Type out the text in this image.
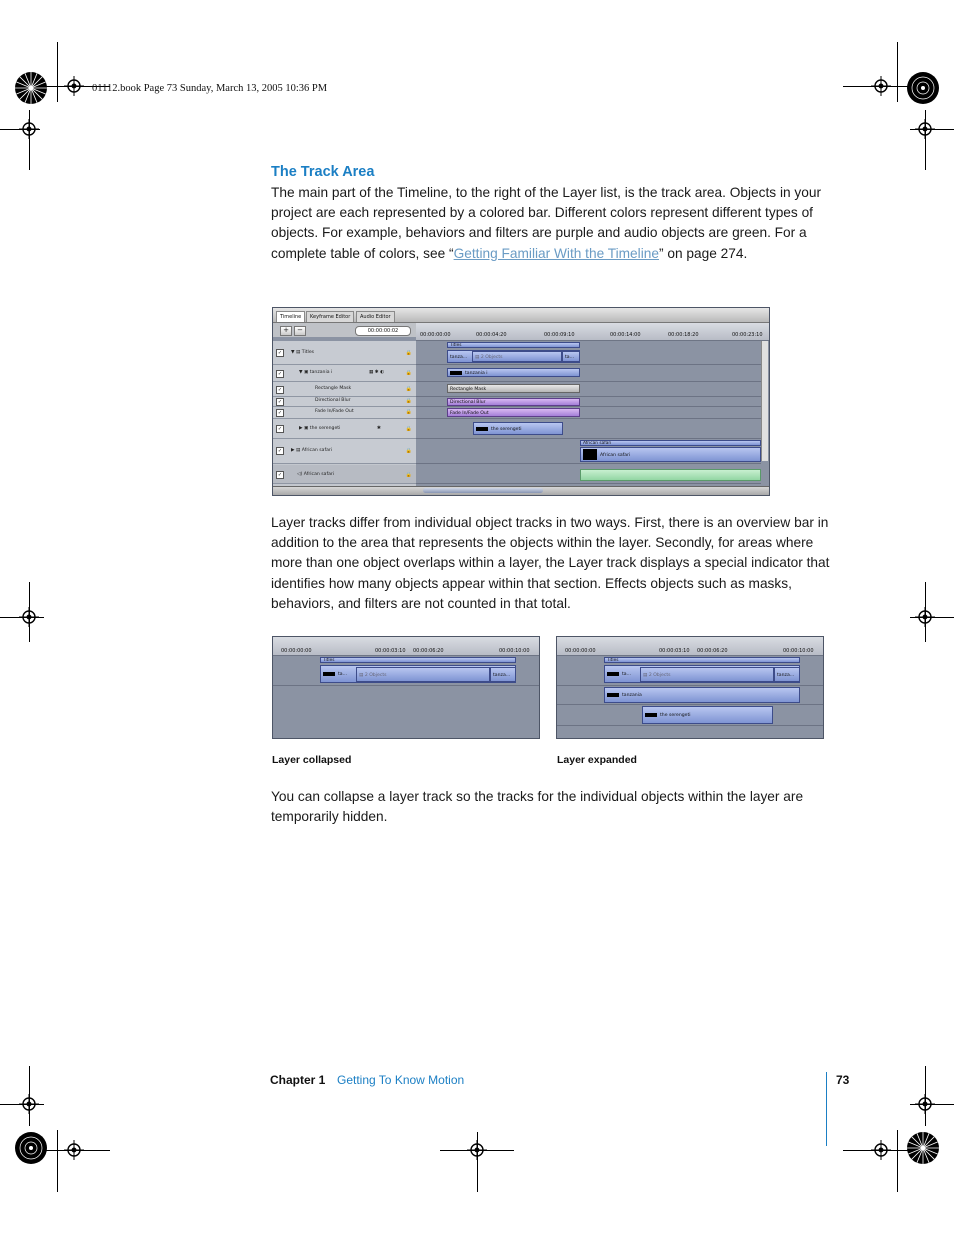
01112.book Page 73 Sunday, March 13, 2005 10:36 PM
The Track Area
The main part of the Timeline, to the right of the Layer list, is the track area. Objects in your project are each represented by a colored bar. Different colors represent different types of objects. For example, behaviors and filters are purple and audio objects are green. For a complete table of colors, see “Getting Familiar With the Timeline” on page 274.
Timeline	Keyframe Editor	Audio Editor
+	−	00:00:00:02
00:00:00:00	00:00:04:20	00:00:09:10	00:00:14:00	00:00:18:20	00:00:23:10
✓	▼ ▤ Titles	🔒
✓	▼ ▣ tanzania i	▦ ✱ ◐	🔒
✓	Rectangle Mask	🔒
✓	Directional Blur	🔒
✓	Fade In/Fade Out	🔒
✓	▶ ▣ the serengeti	✱	🔒
✓	▶ ▤ African safari	🔒
✓	◁) African safari	🔒
Titles
tanza...	▤ 2 Objects	ta...
tanzania i
Rectangle Mask
Directional Blur
Fade In/Fade Out
the serengeti
African safari
African safari
Layer tracks differ from individual object tracks in two ways. First, there is an overview bar in addition to the area that represents the objects within the layer. Secondly, for areas where more than one object overlaps within a layer, the Layer track displays a special indicator that identifies how many objects appear within that section. Effects objects such as masks, behaviors, and filters are not counted in that total.
00:00:00:00	00:00:03:10 00:00:06:20	00:00:10:00
Titles
ta...	▤ 2 Objects	tanza...
00:00:00:00	00:00:03:10 00:00:06:20	00:00:10:00
Titles
ta...	▤ 2 Objects	tanza...
tanzania
the serengeti
Layer collapsed	Layer expanded
You can collapse a layer track so the tracks for the individual objects within the layer are temporarily hidden.
Chapter 1 Getting To Know Motion	73
